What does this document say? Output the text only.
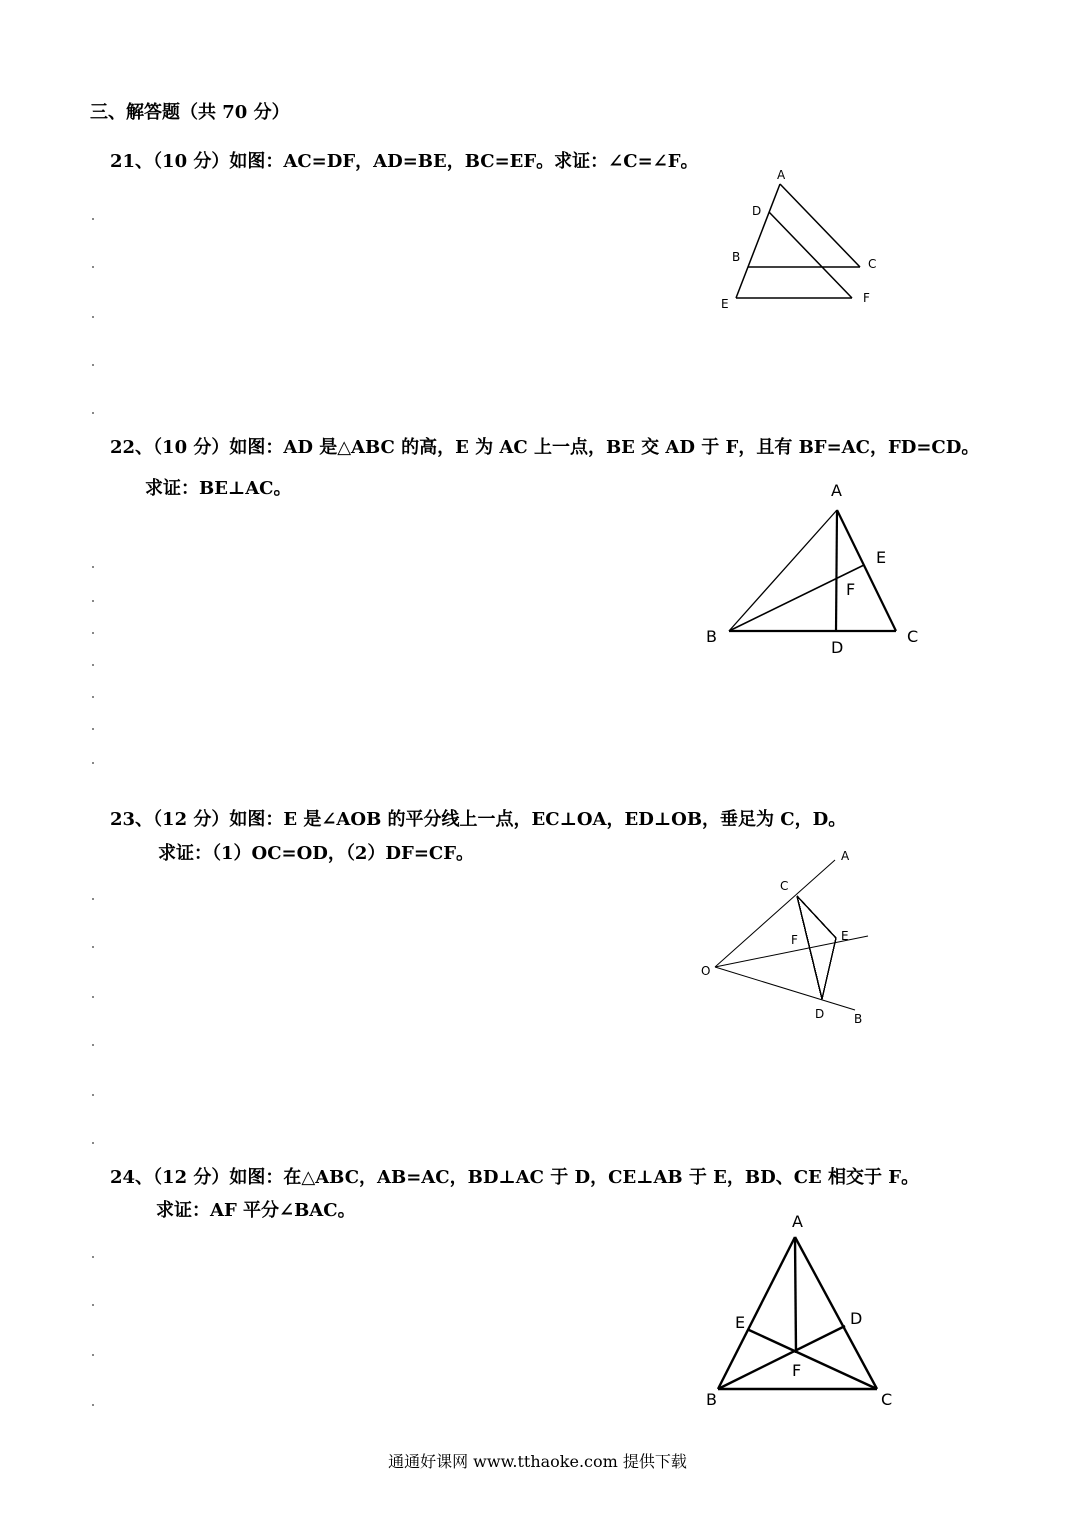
三、解答题（共 70 分）
21、（10 分）如图：AC=DF，AD=BE，BC=EF。求证：∠C=∠F。
A
D
B	C
E	F
22、（10 分）如图：AD 是△ABC 的高，E 为 AC 上一点，BE 交 AD 于 F，且有 BF=AC，FD=CD。
求证：BE⊥AC。	A
E
F
B
D
C
23、（12 分）如图：E 是∠AOB 的平分线上一点，EC⊥OA，ED⊥OB，垂足为 C，D。
求证：（1）OC=OD，（2）DF=CF。	A
C
F	E
O
D B
24、（12 分）如图：在△ABC，AB=AC，BD⊥AC 于 D，CE⊥AB 于 E，BD、CE 相交于 F。
求证：AF 平分∠BAC。
A
E	D
F
B	C
通通好课网 www.tthaoke.com 提供下载
